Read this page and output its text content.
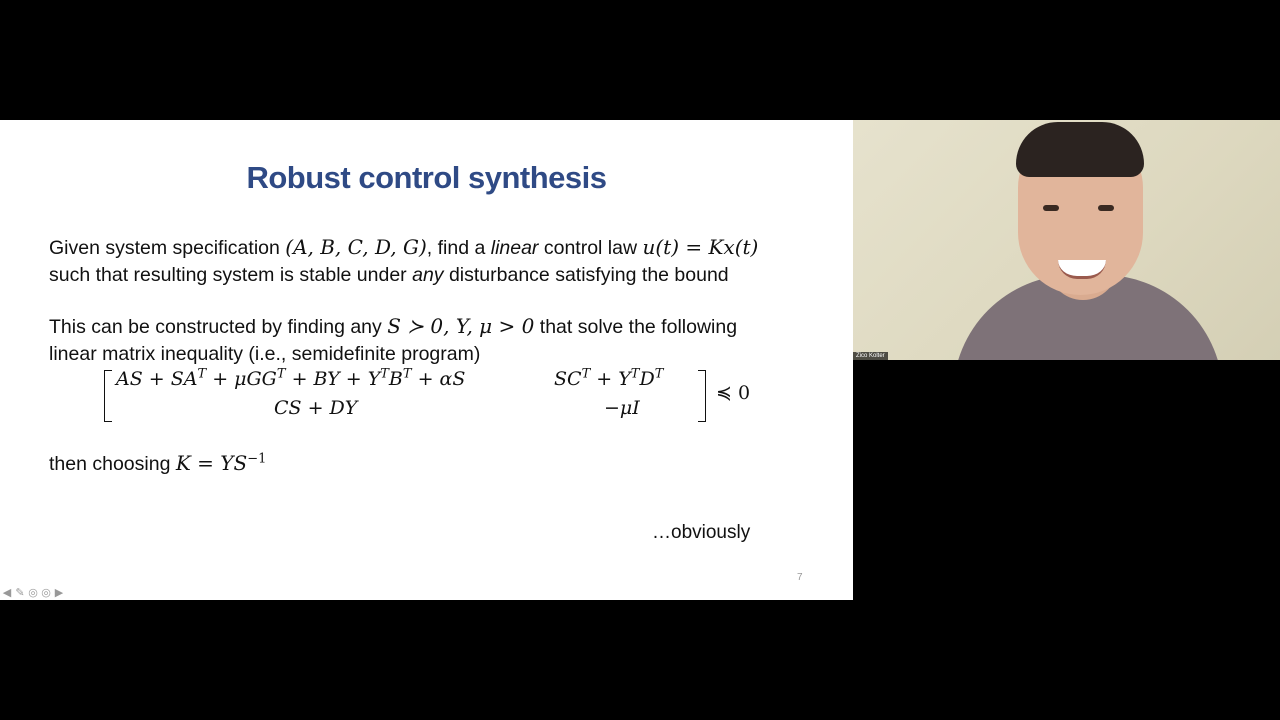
Robust control synthesis
Given system specification (A, B, C, D, G), find a linear control law u(t) = Kx(t)
such that resulting system is stable under any disturbance satisfying the bound
This can be constructed by finding any S ≻ 0, Y, μ > 0 that solve the following
linear matrix inequality (i.e., semidefinite program)
AS + $SA^T + \mu GG^T$ + BY + $Y^TB^T + \alpha S$	$SC^T + Y^TD^T$
CS + DY	−μI
≼ 0
then choosing $K = YS^{-1}$
…obviously
7
◀ ✎ ◎ ◎ ▶
Zico Kolter
